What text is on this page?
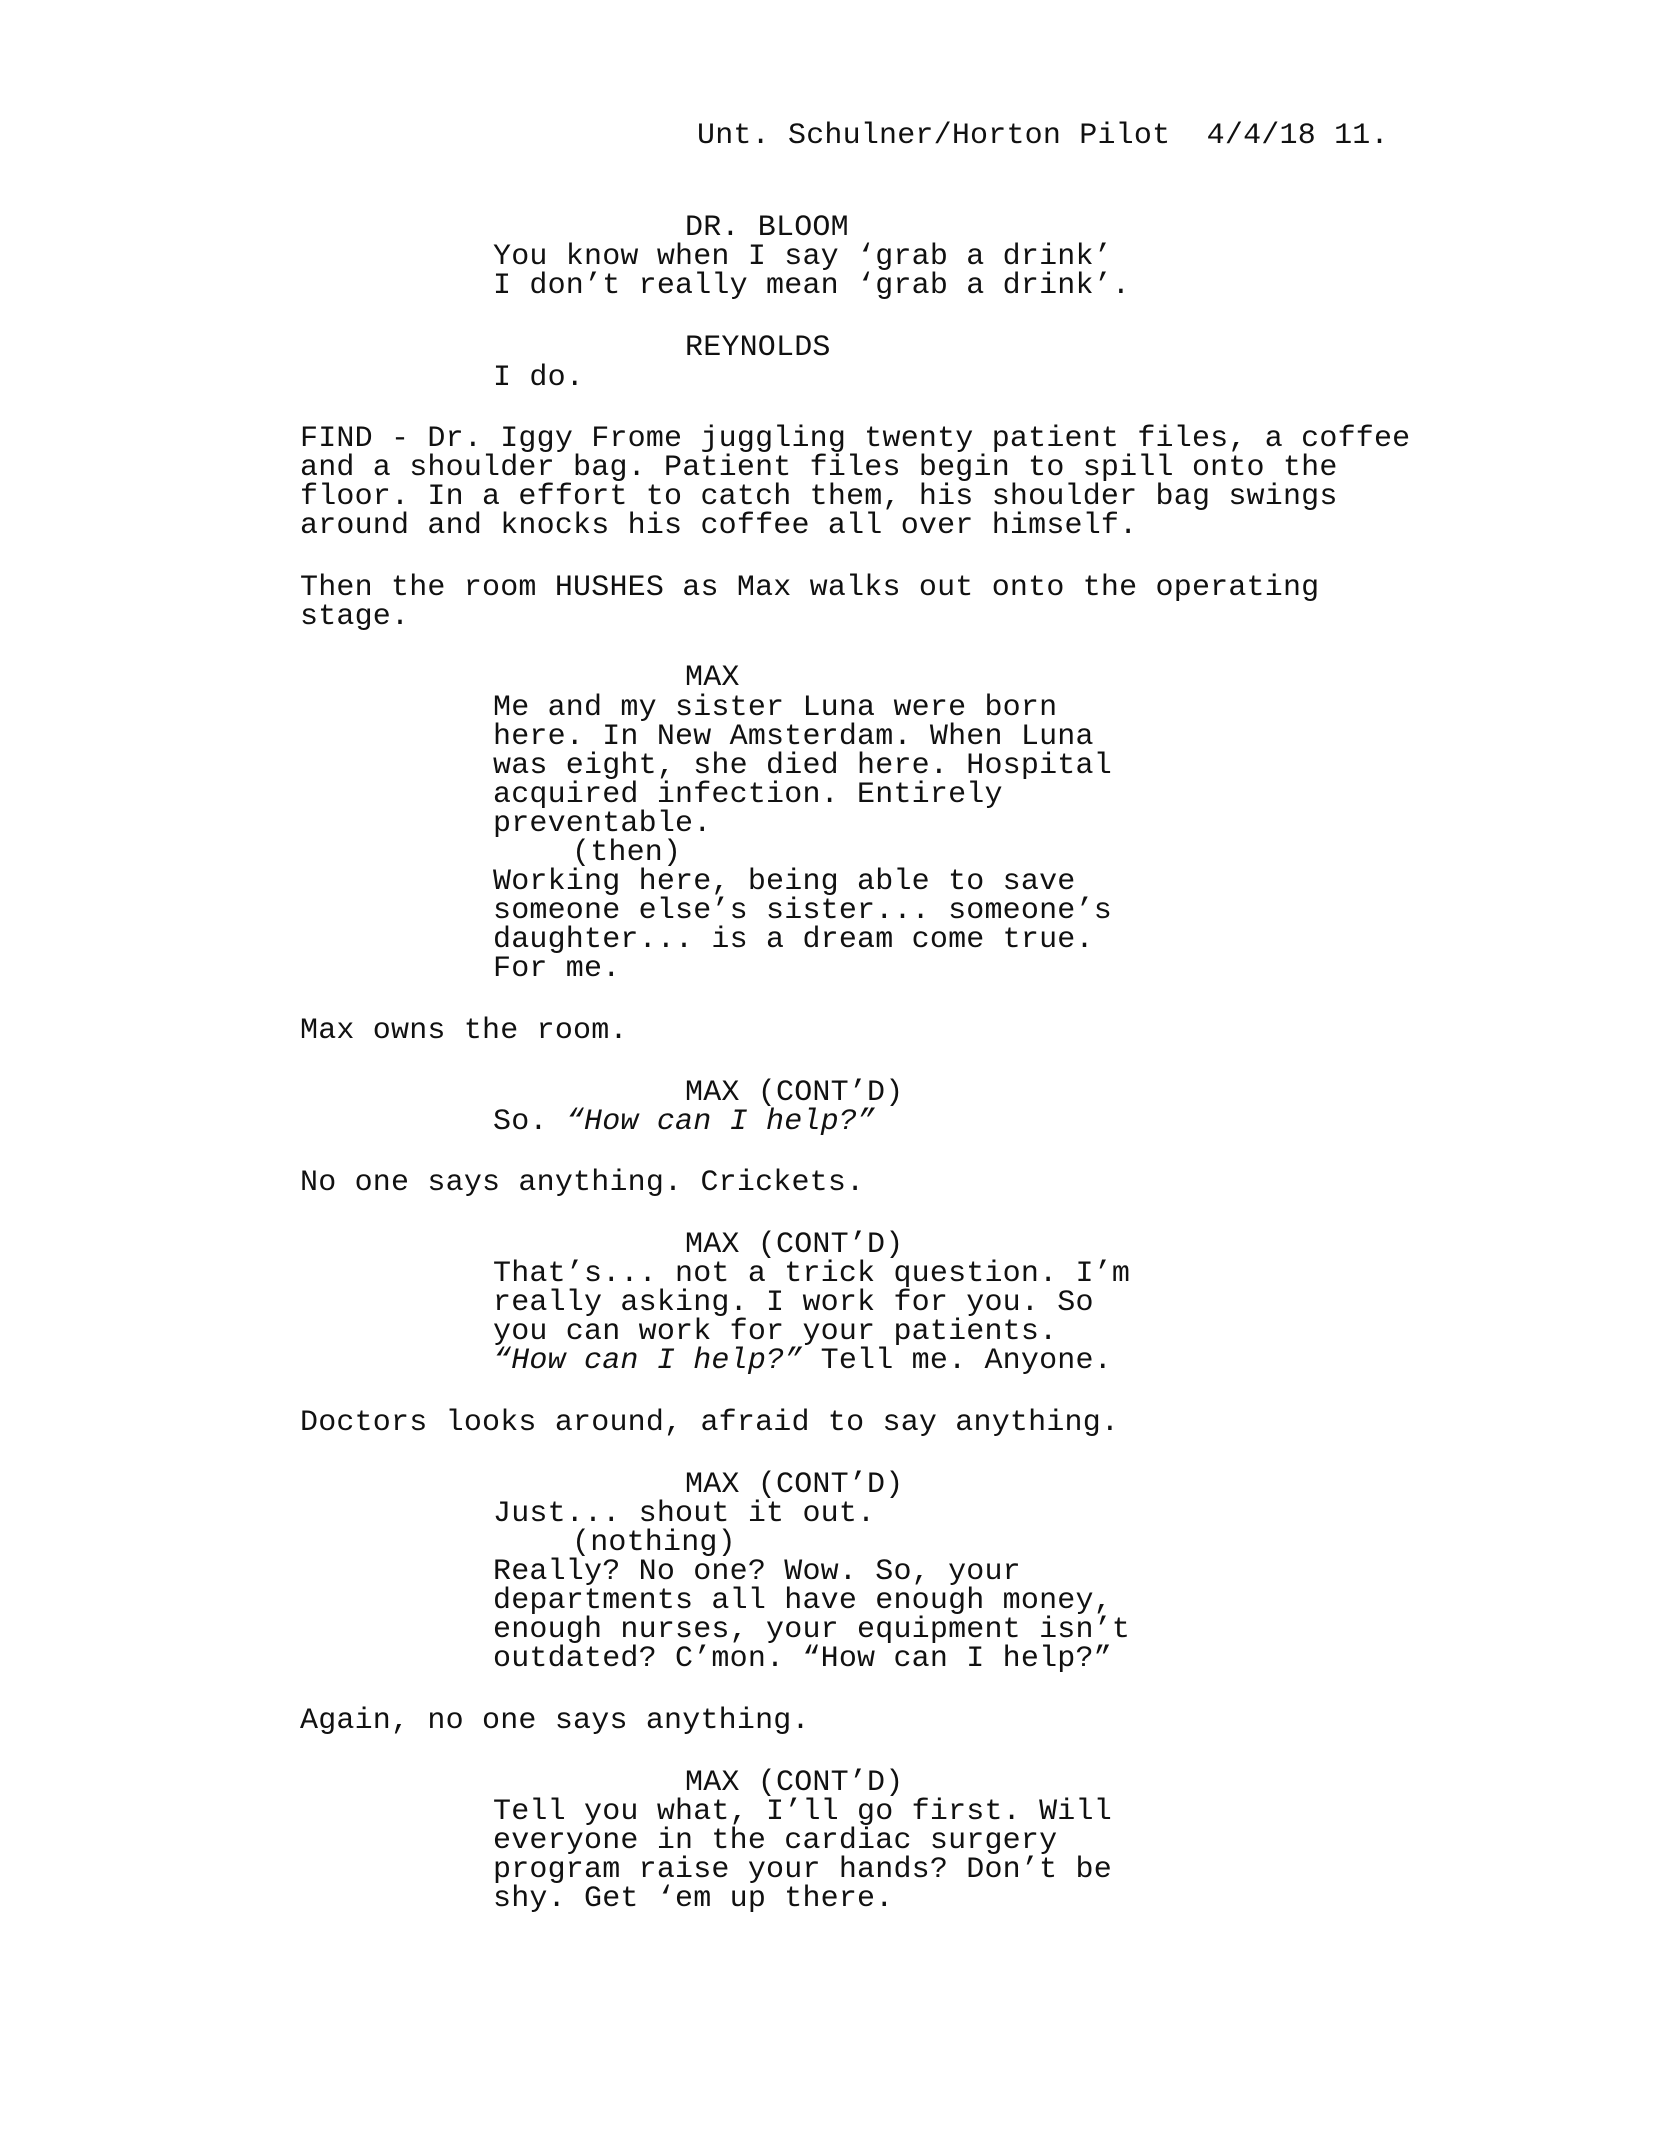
Unt. Schulner/Horton Pilot  4/4/18 11.
DR. BLOOM
You know when I say ‘grab a drink’
I don’t really mean ‘grab a drink’.
REYNOLDS
I do.
FIND - Dr. Iggy Frome juggling twenty patient files, a coffee
and a shoulder bag. Patient files begin to spill onto the
floor. In a effort to catch them, his shoulder bag swings
around and knocks his coffee all over himself.
Then the room HUSHES as Max walks out onto the operating
stage.
MAX
Me and my sister Luna were born
here. In New Amsterdam. When Luna
was eight, she died here. Hospital
acquired infection. Entirely
preventable.
(then)
Working here, being able to save
someone else’s sister... someone’s
daughter... is a dream come true.
For me.
Max owns the room.
MAX (CONT’D)
So. “How can I help?”
No one says anything. Crickets.
MAX (CONT’D)
That’s... not a trick question. I’m
really asking. I work for you. So
you can work for your patients.
“How can I help?” Tell me. Anyone.
Doctors looks around, afraid to say anything.
MAX (CONT’D)
Just... shout it out.
(nothing)
Really? No one? Wow. So, your
departments all have enough money,
enough nurses, your equipment isn’t
outdated? C’mon. “How can I help?”
Again, no one says anything.
MAX (CONT’D)
Tell you what, I’ll go first. Will
everyone in the cardiac surgery
program raise your hands? Don’t be
shy. Get ‘em up there.
